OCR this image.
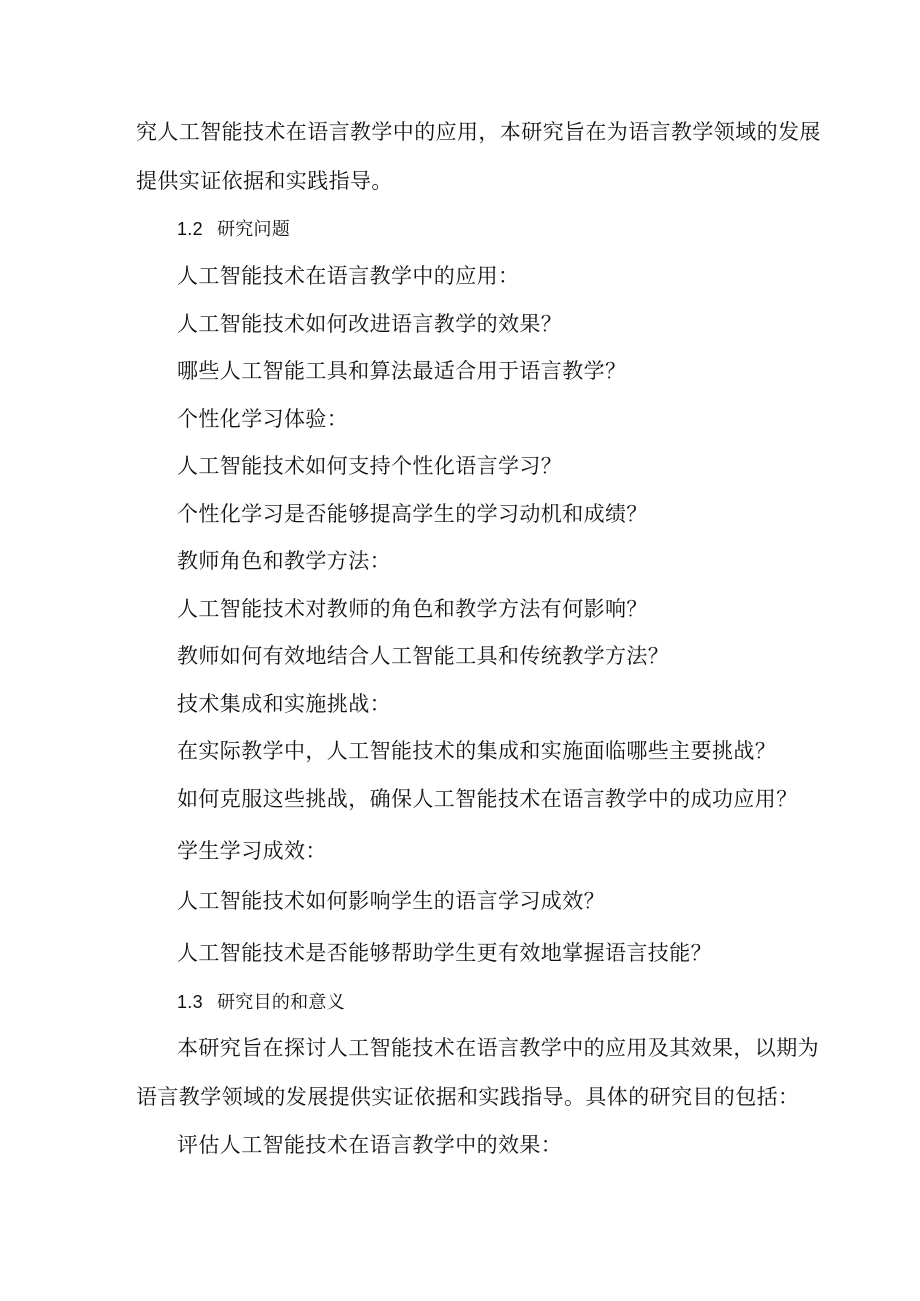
究人工智能技术在语言教学中的应用，本研究旨在为语言教学领域的发展
提供实证依据和实践指导。
1.2 研究问题
人工智能技术在语言教学中的应用：
人工智能技术如何改进语言教学的效果？
哪些人工智能工具和算法最适合用于语言教学？
个性化学习体验：
人工智能技术如何支持个性化语言学习？
个性化学习是否能够提高学生的学习动机和成绩？
教师角色和教学方法：
人工智能技术对教师的角色和教学方法有何影响？
教师如何有效地结合人工智能工具和传统教学方法？
技术集成和实施挑战：
在实际教学中，人工智能技术的集成和实施面临哪些主要挑战？
如何克服这些挑战，确保人工智能技术在语言教学中的成功应用？
学生学习成效：
人工智能技术如何影响学生的语言学习成效？
人工智能技术是否能够帮助学生更有效地掌握语言技能？
1.3 研究目的和意义
本研究旨在探讨人工智能技术在语言教学中的应用及其效果，以期为
语言教学领域的发展提供实证依据和实践指导。具体的研究目的包括：
评估人工智能技术在语言教学中的效果：
